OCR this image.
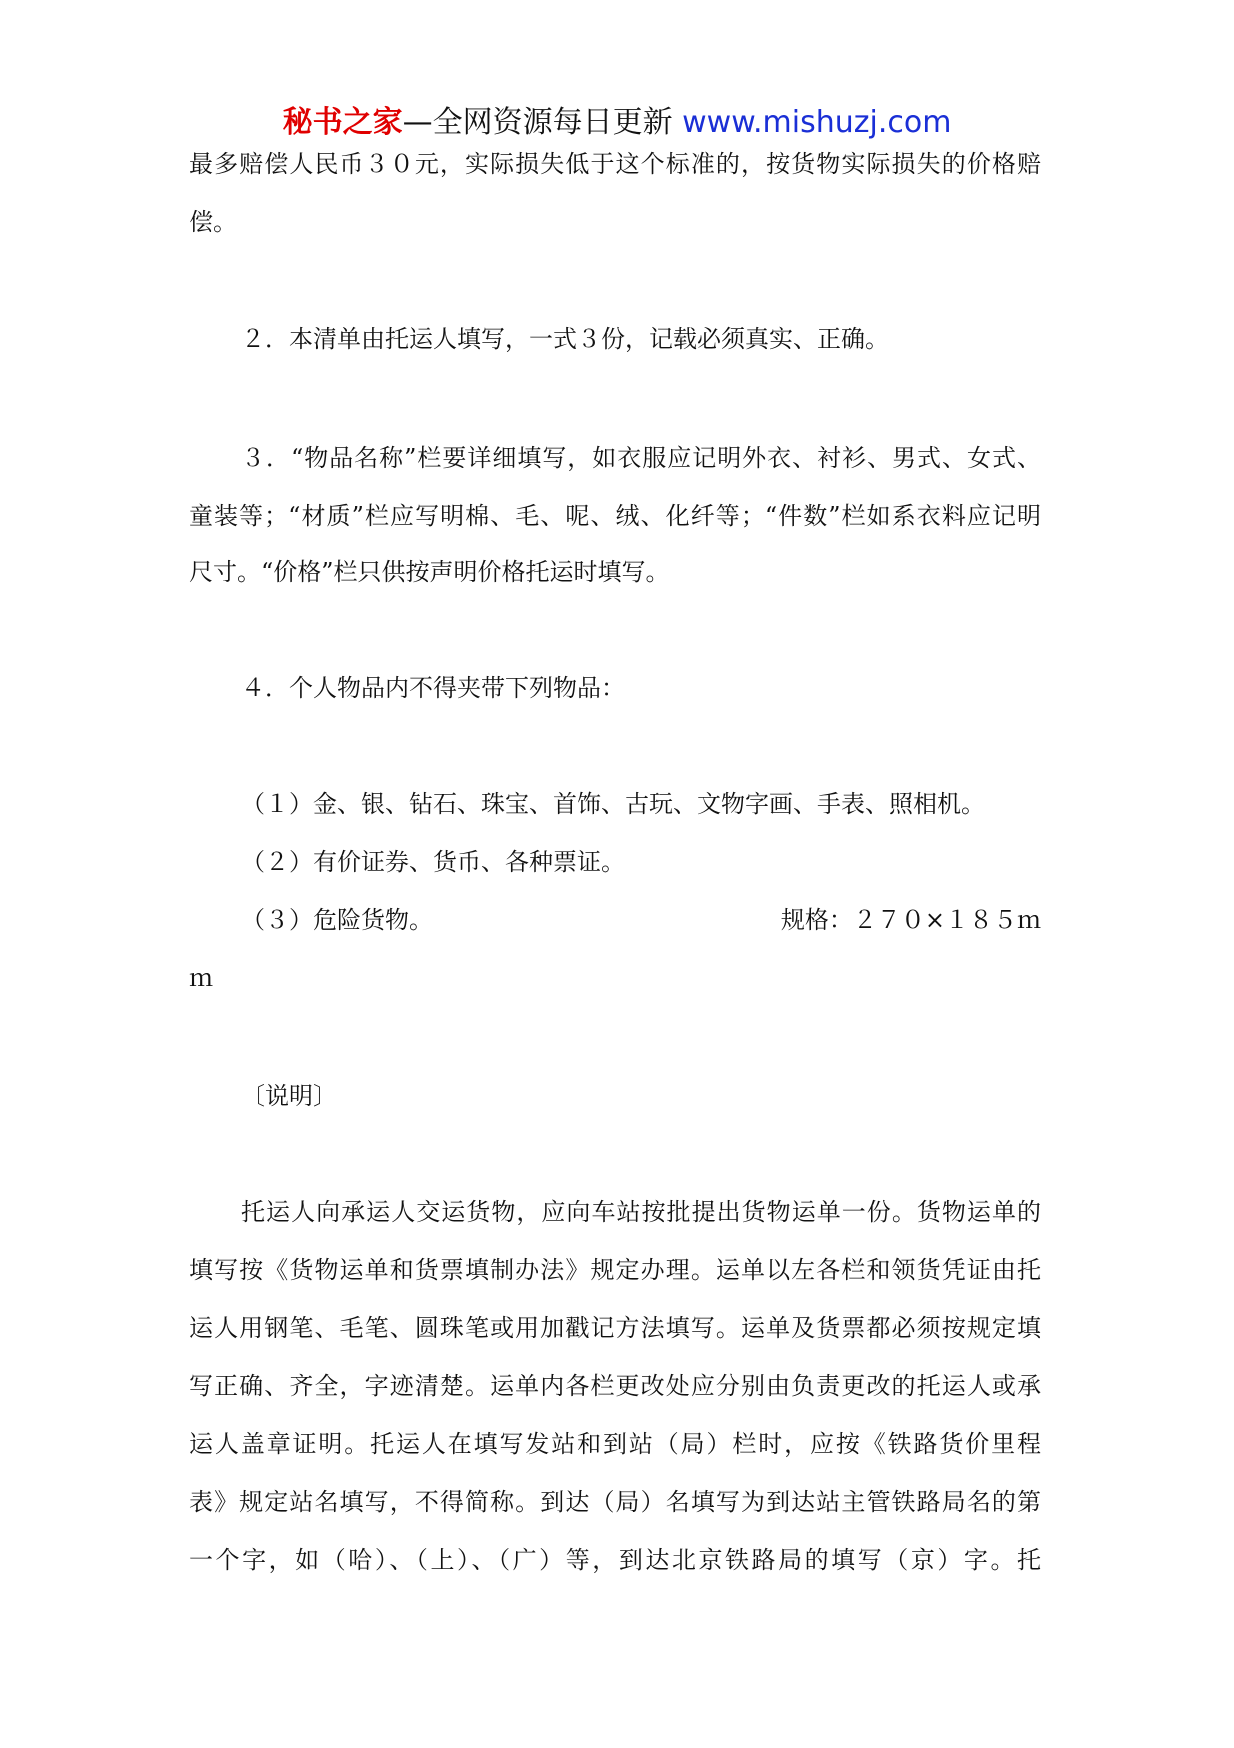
秘书之家—全网资源每日更新 www.mishuzj.com
最多赔偿人民币３０元，实际损失低于这个标准的，按货物实际损失的价格赔
偿。
２．本清单由托运人填写，一式３份，记载必须真实、正确。
３．“物品名称”栏要详细填写，如衣服应记明外衣、衬衫、男式、女式、
童装等；“材质”栏应写明棉、毛、呢、绒、化纤等；“件数”栏如系衣料应记明
尺寸。“价格”栏只供按声明价格托运时填写。
４．个人物品内不得夹带下列物品：
（１）金、银、钻石、珠宝、首饰、古玩、文物字画、手表、照相机。
（２）有价证券、货币、各种票证。
（３）危险货物。	规格：２７０×１８５ｍ
ｍ
〔说明〕
托运人向承运人交运货物，应向车站按批提出货物运单一份。货物运单的
填写按《货物运单和货票填制办法》规定办理。运单以左各栏和领货凭证由托
运人用钢笔、毛笔、圆珠笔或用加戳记方法填写。运单及货票都必须按规定填
写正确、齐全，字迹清楚。运单内各栏更改处应分别由负责更改的托运人或承
运人盖章证明。托运人在填写发站和到站（局）栏时，应按《铁路货价里程
表》规定站名填写，不得简称。到达（局）名填写为到达站主管铁路局名的第
一个字，如（哈）、（上）、（广）等，到达北京铁路局的填写（京）字。托
